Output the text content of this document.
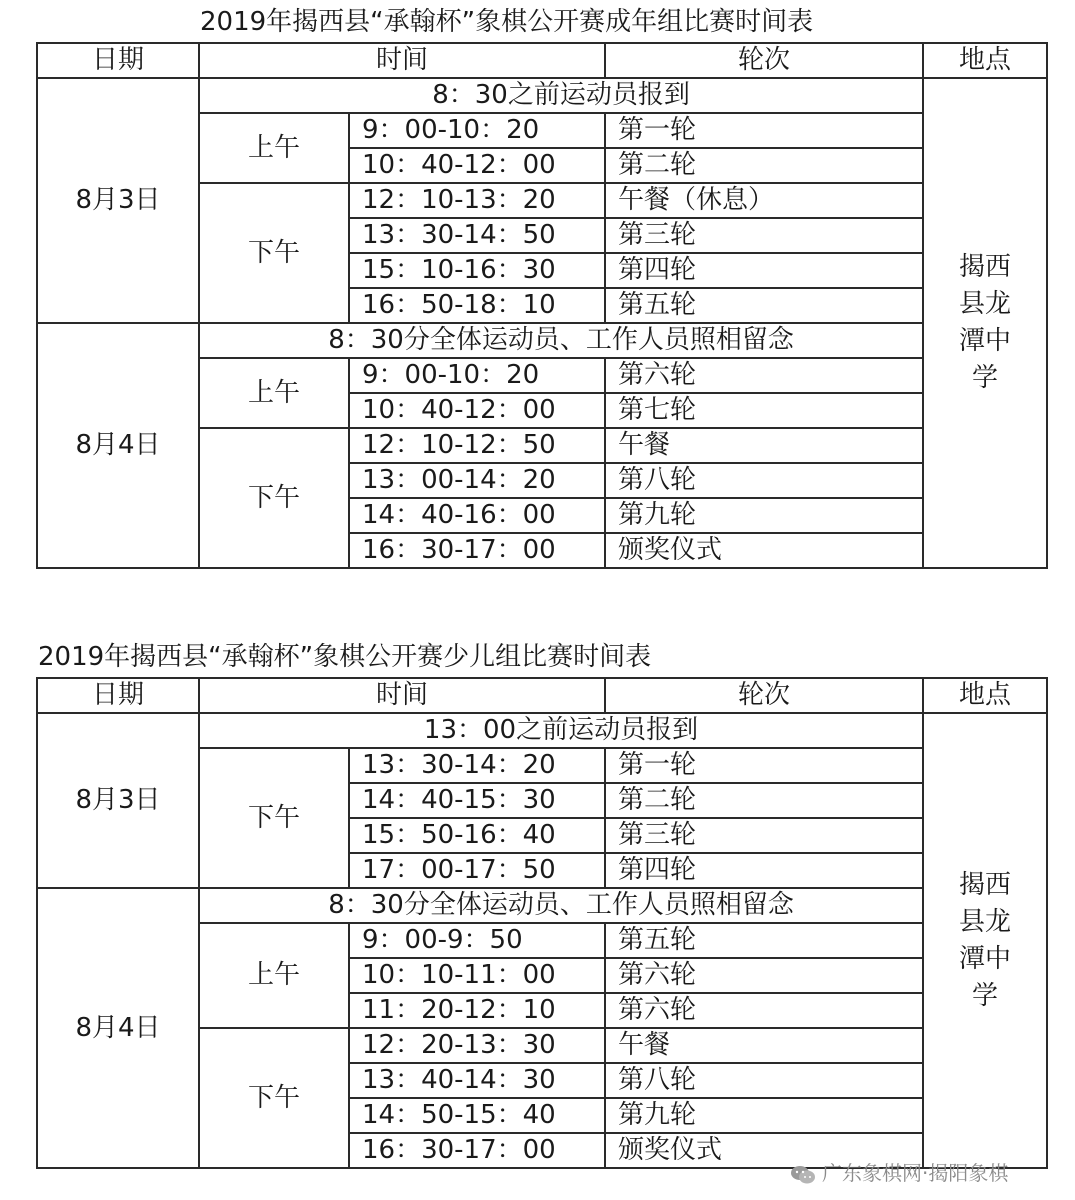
2019年揭西县“承翰杯”象棋公开赛成年组比赛时间表
日期	时间		轮次	地点
8月3日	8：30之前运动员报到			揭西县龙潭中学
	上午	9：00-10：20	第一轮	
		10：40-12：00	第二轮	
	下午	12：10-13：20	午餐（休息）	
		13：30-14：50	第三轮	
		15：10-16：30	第四轮	
		16：50-18：10	第五轮	
8月4日	8：30分全体运动员、工作人员照相留念			
	上午	9：00-10：20	第六轮	
		10：40-12：00	第七轮	
	下午	12：10-12：50	午餐	
		13：00-14：20	第八轮	
		14：40-16：00	第九轮	
		16：30-17：00	颁奖仪式	
2019年揭西县“承翰杯”象棋公开赛少儿组比赛时间表
日期	时间		轮次	地点
8月3日	13：00之前运动员报到			揭西县龙潭中学
	下午	13：30-14：20	第一轮	
		14：40-15：30	第二轮	
		15：50-16：40	第三轮	
		17：00-17：50	第四轮	
8月4日	8：30分全体运动员、工作人员照相留念			
	上午	9：00-9：50	第五轮	
		10：10-11：00	第六轮	
		11：20-12：10	第六轮	
	下午	12：20-13：30	午餐	
		13：40-14：30	第八轮	
		14：50-15：40	第九轮	
		16：30-17：00	颁奖仪式	
广东象棋网·揭阳象棋
